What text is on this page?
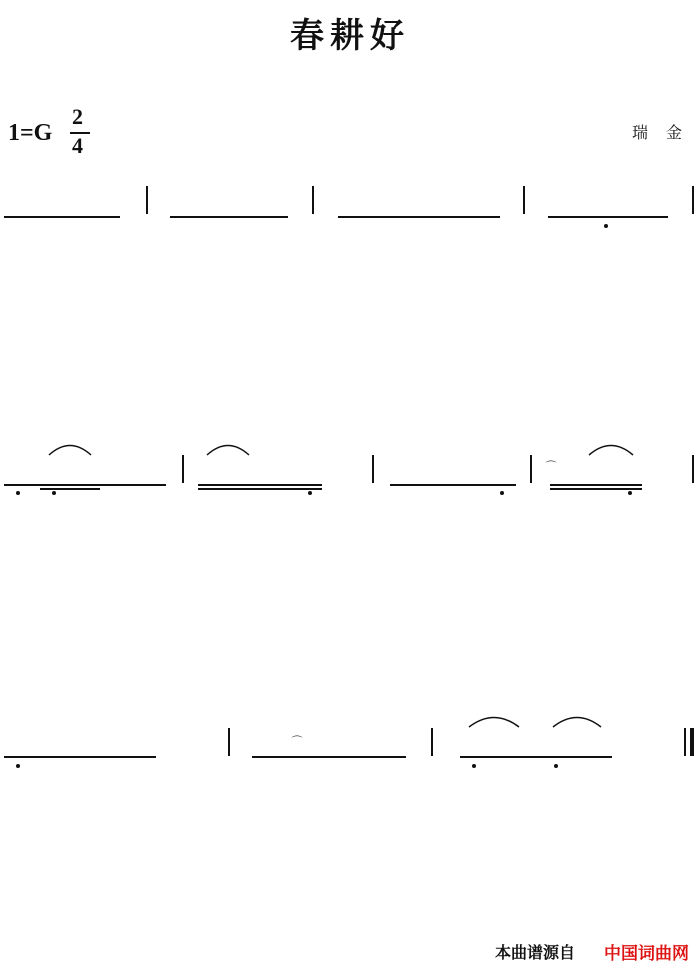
春耕好
1=G
2
4
瑞金
⌒
⌒
本曲谱源自 中国词曲网
